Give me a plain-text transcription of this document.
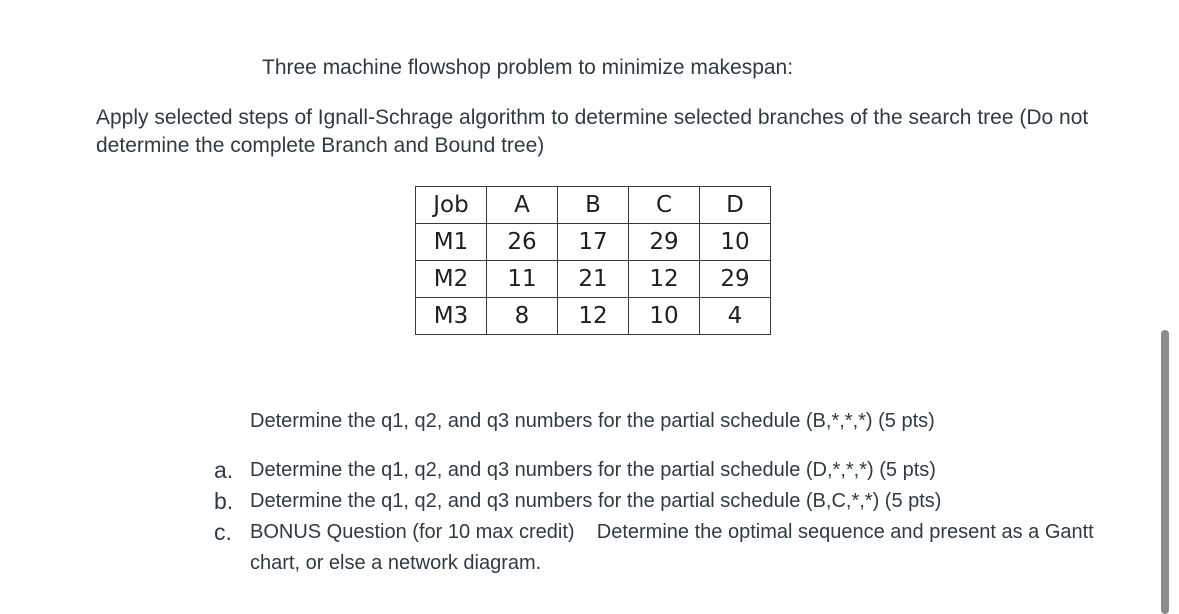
Three machine flowshop problem to minimize makespan:
Apply selected steps of Ignall-Schrage algorithm to determine selected branches of the search tree (Do not determine the complete Branch and Bound tree)
Job	A	B	C	D
M1	26	17	29	10
M2	11	21	12	29
M3	8	12	10	4
Determine the q1, q2, and q3 numbers for the partial schedule (B,*,*,*) (5 pts)
a. Determine the q1, q2, and q3 numbers for the partial schedule (D,*,*,*) (5 pts)
b. Determine the q1, q2, and q3 numbers for the partial schedule (B,C,*,*) (5 pts)
c. BONUS Question (for 10 max credit)    Determine the optimal sequence and present as a Gantt chart, or else a network diagram.
